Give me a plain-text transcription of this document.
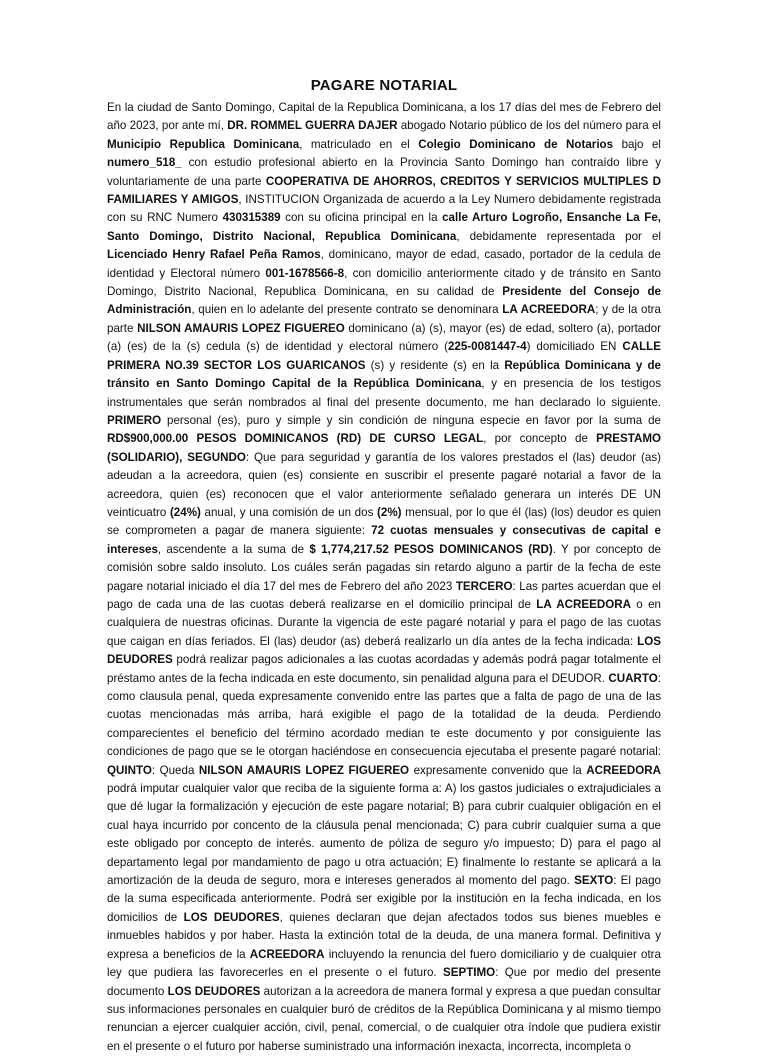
PAGARE NOTARIAL

En la ciudad de Santo Domingo, Capital de la Republica Dominicana, a los 17 días del mes de Febrero del año 2023, por ante mí, DR. ROMMEL GUERRA DAJER abogado Notario público de los del número para el Municipio Republica Dominicana, matriculado en el Colegio Dominicano de Notarios bajo el numero_518_ con estudio profesional abierto en la Provincia Santo Domingo han contraído libre y voluntariamente de una parte COOPERATIVA DE AHORROS, CREDITOS Y SERVICIOS MULTIPLES D FAMILIARES Y AMIGOS, INSTITUCION Organizada de acuerdo a la Ley Numero debidamente registrada con su RNC Numero 430315389 con su oficina principal en la calle Arturo Logroño, Ensanche La Fe, Santo Domingo, Distrito Nacional, Republica Dominicana, debidamente representada por el Licenciado Henry Rafael Peña Ramos, dominicano, mayor de edad, casado, portador de la cedula de identidad y Electoral número 001-1678566-8, con domicilio anteriormente citado y de tránsito en Santo Domingo, Distrito Nacional, Republica Dominicana, en su calidad de Presidente del Consejo de Administración, quien en lo adelante del presente contrato se denominara LA ACREEDORA; y de la otra parte NILSON AMAURIS LOPEZ FIGUEREO dominicano (a) (s), mayor (es) de edad, soltero (a), portador (a) (es) de la (s) cedula (s) de identidad y electoral número (225-0081447-4) domiciliado EN CALLE PRIMERA NO.39 SECTOR LOS GUARICANOS (s) y residente (s) en la República Dominicana y de tránsito en Santo Domingo Capital de la República Dominicana, y en presencia de los testigos instrumentales que serán nombrados al final del presente documento, me han declarado lo siguiente. PRIMERO personal (es), puro y simple y sin condición de ninguna especie en favor por la suma de RD$900,000.00 PESOS DOMINICANOS (RD) DE CURSO LEGAL, por concepto de PRESTAMO (SOLIDARIO), SEGUNDO: Que para seguridad y garantía de los valores prestados el (las) deudor (as) adeudan a la acreedora, quien (es) consiente en suscribir el presente pagaré notarial a favor de la acreedora, quien (es) reconocen que el valor anteriormente señalado generara un interés DE UN veinticuatro (24%) anual, y una comisión de un dos (2%) mensual, por lo que él (las) (los) deudor es quien se comprometen a pagar de manera siguiente: 72 cuotas mensuales y consecutivas de capital e intereses, ascendente a la suma de $ 1,774,217.52 PESOS DOMINICANOS (RD). Y por concepto de comisión sobre saldo insoluto. Los cuáles serán pagadas sin retardo alguno a partir de la fecha de este pagare notarial iniciado el día 17 del mes de Febrero del año 2023 TERCERO: Las partes acuerdan que el pago de cada una de las cuotas deberá realizarse en el domicilio principal de LA ACREEDORA o en cualquiera de nuestras oficinas. Durante la vigencia de este pagaré notarial y para el pago de las cuotas que caigan en días feriados. El (las) deudor (as) deberá realizarlo un día antes de la fecha indicada: LOS DEUDORES podrá realizar pagos adicionales a las cuotas acordadas y además podrá pagar totalmente el préstamo antes de la fecha indicada en este documento, sin penalidad alguna para el DEUDOR. CUARTO: como clausula penal, queda expresamente convenido entre las partes que a falta de pago de una de las cuotas mencionadas más arriba, hará exigible el pago de la totalidad de la deuda. Perdiendo comparecientes el beneficio del término acordado median te este documento y por consiguiente las condiciones de pago que se le otorgan haciéndose en consecuencia ejecutaba el presente pagaré notarial: QUINTO: Queda NILSON AMAURIS LOPEZ FIGUEREO expresamente convenido que la ACREEDORA podrá imputar cualquier valor que reciba de la siguiente forma a: A) los gastos judiciales o extrajudiciales a que dé lugar la formalización y ejecución de este pagare notarial; B) para cubrir cualquier obligación en el cual haya incurrido por concento de la cláusula penal mencionada; C) para cubrir cualquier suma a que este obligado por concepto de interés. aumento de póliza de seguro y/o impuesto; D) para el pago al departamento legal por mandamiento de pago u otra actuación; E) finalmente lo restante se aplicará a la amortización de la deuda de seguro, mora e intereses generados al momento del pago. SEXTO: El pago de la suma especificada anteriormente. Podrá ser exigible por la institución en la fecha indicada, en los domicilios de LOS DEUDORES, quienes declaran que dejan afectados todos sus bienes muebles e inmuebles habidos y por haber. Hasta la extinción total de la deuda, de una manera formal. Definitiva y expresa a beneficios de la ACREEDORA incluyendo la renuncia del fuero domiciliario y de cualquier otra ley que pudiera las favorecerles en el presente o el futuro. SEPTIMO: Que por medio del presente documento LOS DEUDORES autorizan a la acreedora de manera formal y expresa a que puedan consultar sus informaciones personales en cualquier buró de créditos de la República Dominicana y al mismo tiempo renuncian a ejercer cualquier acción, civil, penal, comercial, o de cualquier otra índole que pudiera existir en el presente o el futuro por haberse suministrado una información inexacta, incorrecta, incompleta o
